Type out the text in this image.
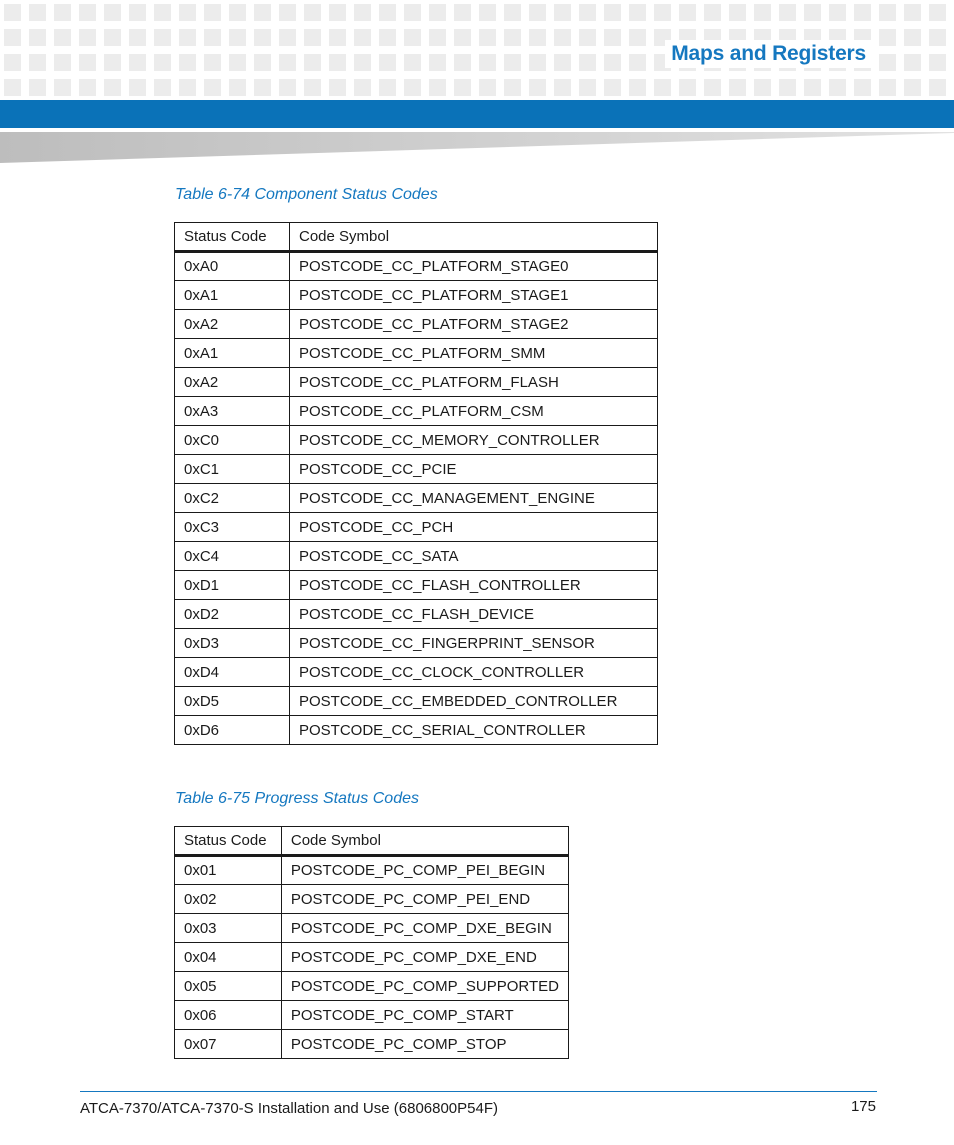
Maps and Registers
Table 6-74 Component Status Codes
Status Code	Code Symbol
0xA0	POSTCODE_CC_PLATFORM_STAGE0
0xA1	POSTCODE_CC_PLATFORM_STAGE1
0xA2	POSTCODE_CC_PLATFORM_STAGE2
0xA1	POSTCODE_CC_PLATFORM_SMM
0xA2	POSTCODE_CC_PLATFORM_FLASH
0xA3	POSTCODE_CC_PLATFORM_CSM
0xC0	POSTCODE_CC_MEMORY_CONTROLLER
0xC1	POSTCODE_CC_PCIE
0xC2	POSTCODE_CC_MANAGEMENT_ENGINE
0xC3	POSTCODE_CC_PCH
0xC4	POSTCODE_CC_SATA
0xD1	POSTCODE_CC_FLASH_CONTROLLER
0xD2	POSTCODE_CC_FLASH_DEVICE
0xD3	POSTCODE_CC_FINGERPRINT_SENSOR
0xD4	POSTCODE_CC_CLOCK_CONTROLLER
0xD5	POSTCODE_CC_EMBEDDED_CONTROLLER
0xD6	POSTCODE_CC_SERIAL_CONTROLLER
Table 6-75 Progress Status Codes
Status Code	Code Symbol
0x01	POSTCODE_PC_COMP_PEI_BEGIN
0x02	POSTCODE_PC_COMP_PEI_END
0x03	POSTCODE_PC_COMP_DXE_BEGIN
0x04	POSTCODE_PC_COMP_DXE_END
0x05	POSTCODE_PC_COMP_SUPPORTED
0x06	POSTCODE_PC_COMP_START
0x07	POSTCODE_PC_COMP_STOP
ATCA-7370/ATCA-7370-S Installation and Use (6806800P54F)	175
